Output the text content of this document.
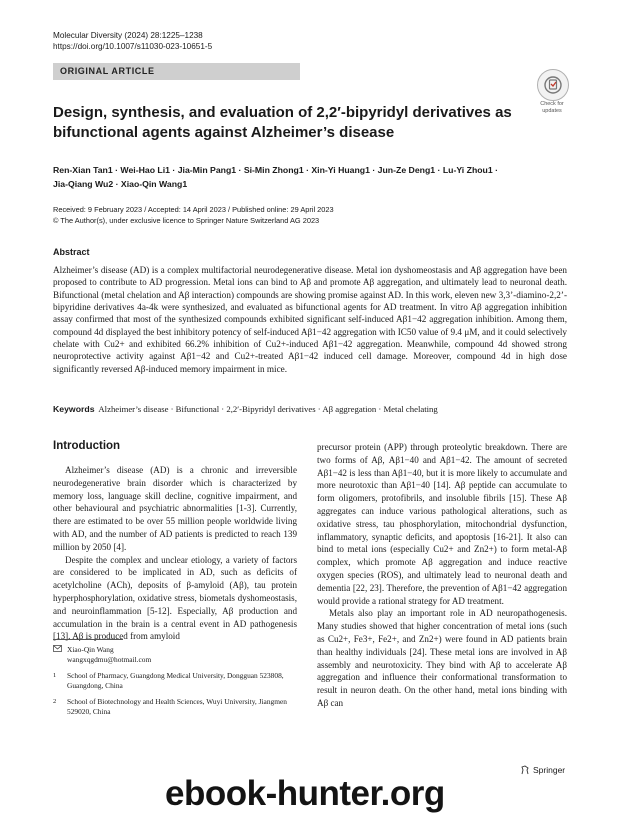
Molecular Diversity (2024) 28:1225–1238
https://doi.org/10.1007/s11030-023-10651-5
ORIGINAL ARTICLE
Check for updates
Design, synthesis, and evaluation of 2,2′-bipyridyl derivatives as bifunctional agents against Alzheimer’s disease
Ren-Xian Tan1 · Wei-Hao Li1 · Jia-Min Pang1 · Si-Min Zhong1 · Xin-Yi Huang1 · Jun-Ze Deng1 · Lu-Yi Zhou1 ·
Jia-Qiang Wu2 · Xiao-Qin Wang1
Received: 9 February 2023 / Accepted: 14 April 2023 / Published online: 29 April 2023
© The Author(s), under exclusive licence to Springer Nature Switzerland AG 2023
Abstract
Alzheimer’s disease (AD) is a complex multifactorial neurodegenerative disease. Metal ion dyshomeostasis and Aβ aggregation have been proposed to contribute to AD progression. Metal ions can bind to Aβ and promote Aβ aggregation, and ultimately lead to neuronal death. Bifunctional (metal chelation and Aβ interaction) compounds are showing promise against AD. In this work, eleven new 3,3’-diamino-2,2’-bipyridine derivatives 4a-4k were synthesized, and evaluated as bifunctional agents for AD treatment. In vitro Aβ aggregation inhibition assay confirmed that most of the synthesized compounds exhibited significant self-induced Aβ1−42 aggregation inhibition. Among them, compound 4d displayed the best inhibitory potency of self-induced Aβ1−42 aggregation with IC50 value of 9.4 μM, and it could selectively chelate with Cu2+ and exhibited 66.2% inhibition of Cu2+-induced Aβ1−42 aggregation. Meanwhile, compound 4d showed strong neuroprotective activity against Aβ1−42 and Cu2+-treated Aβ1−42 induced cell damage. Moreover, compound 4d in high dose significantly reversed Aβ-induced memory impairment in mice.
Keywords Alzheimer’s disease · Bifunctional · 2,2′-Bipyridyl derivatives · Aβ aggregation · Metal chelating
Introduction

Alzheimer’s disease (AD) is a chronic and irreversible neurodegenerative brain disorder which is characterized by memory loss, language skill decline, cognitive impairment, and other behavioural and psychiatric abnormalities [1-3]. Currently, there are estimated to be over 55 million people worldwide living with AD, and the number of AD patients is predicted to reach 139 million by 2050 [4].

Despite the complex and unclear etiology, a variety of factors are considered to be implicated in AD, such as deficits of acetylcholine (ACh), deposits of β-amyloid (Aβ), tau protein hyperphosphorylation, oxidative stress, biometals dyshomeostasis, and neuroinflammation [5-12]. Especially, Aβ production and accumulation in the brain is a central event in AD pathogenesis [13]. Aβ is produced from amyloid

precursor protein (APP) through proteolytic breakdown. There are two forms of Aβ, Aβ1−40 and Aβ1−42. The amount of secreted Aβ1−42 is less than Aβ1−40, but it is more likely to accumulate and more neurotoxic than Aβ1−40 [14]. Aβ peptide can accumulate to form oligomers, protofibrils, and insoluble fibrils [15]. These Aβ aggregates can induce various pathological alterations, such as oxidative stress, tau phosphorylation, mitochondrial dysfunction, inflammatory, synaptic deficits, and apoptosis [16-21]. It also can bind to metal ions (especially Cu2+ and Zn2+) to form metal-Aβ complex, which promote Aβ aggregation and induce reactive oxygen species (ROS), and ultimately lead to neuronal death and dementia [22, 23]. Therefore, the prevention of Aβ1−42 aggregation would provide a rational strategy for AD treatment.

Metals also play an important role in AD neuropathogenesis. Many studies showed that higher concentration of metal ions (such as Cu2+, Fe3+, Fe2+, and Zn2+) were found in AD patients brain than healthy individuals [24]. These metal ions are involved in Aβ assembly and neurotoxicity. They bind with Aβ to accelerate Aβ aggregation and influence their conformational transformation to result in neuron death. On the other hand, metal ions binding with Aβ can

Xiao-Qin Wang
wangxqgdmu@hotmail.com
1	School of Pharmacy, Guangdong Medical University, Dongguan 523808, Guangdong, China
2	School of Biotechnology and Health Sciences, Wuyi University, Jiangmen 529020, China
Springer
ebook-hunter.org
